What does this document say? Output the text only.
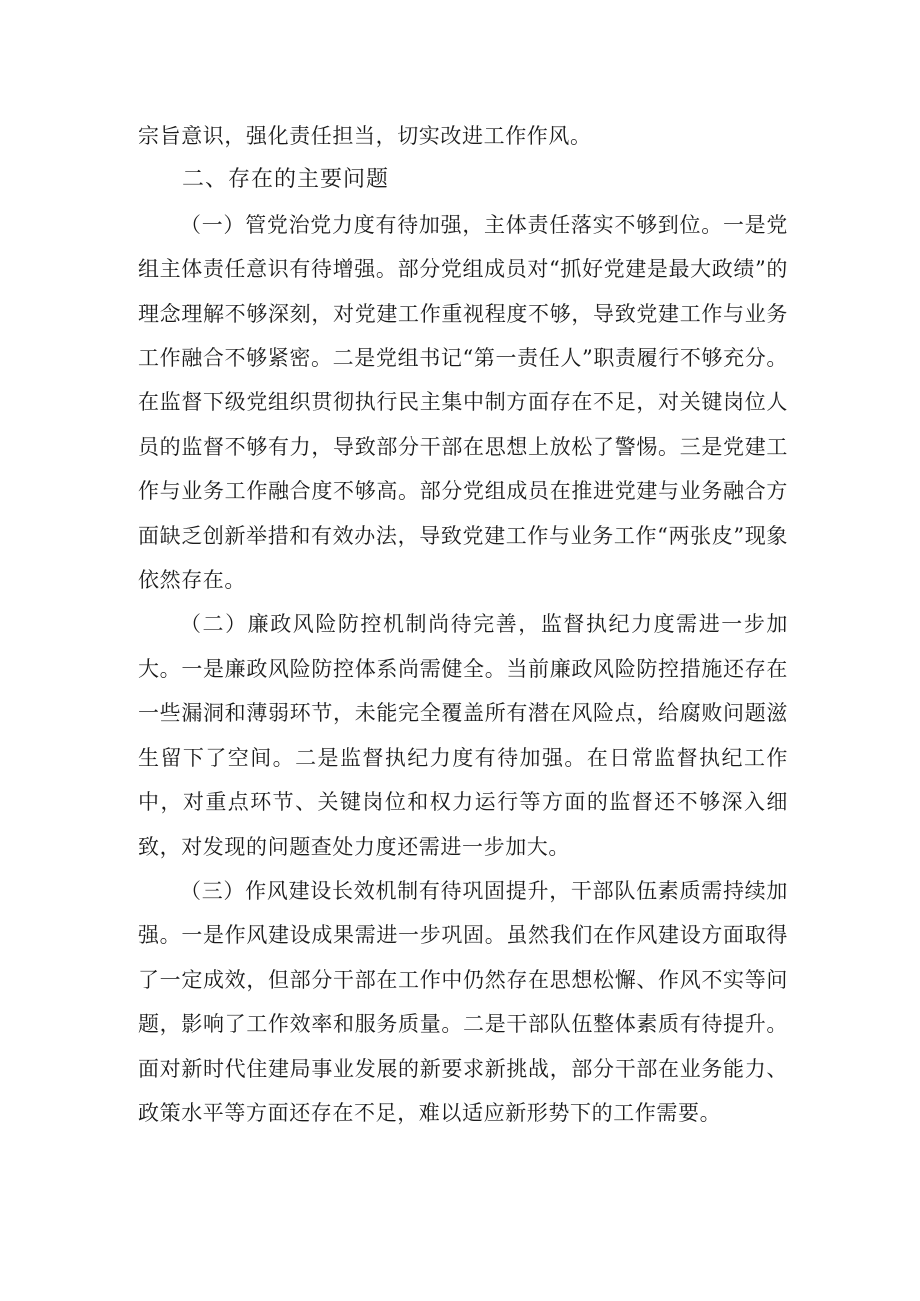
宗旨意识，强化责任担当，切实改进工作作风。

二、存在的主要问题

（一）管党治党力度有待加强，主体责任落实不够到位。一是党组主体责任意识有待增强。部分党组成员对“抓好党建是最大政绩”的理念理解不够深刻，对党建工作重视程度不够，导致党建工作与业务工作融合不够紧密。二是党组书记“第一责任人”职责履行不够充分。在监督下级党组织贯彻执行民主集中制方面存在不足，对关键岗位人员的监督不够有力，导致部分干部在思想上放松了警惕。三是党建工作与业务工作融合度不够高。部分党组成员在推进党建与业务融合方面缺乏创新举措和有效办法，导致党建工作与业务工作“两张皮”现象依然存在。

（二）廉政风险防控机制尚待完善，监督执纪力度需进一步加大。一是廉政风险防控体系尚需健全。当前廉政风险防控措施还存在一些漏洞和薄弱环节，未能完全覆盖所有潜在风险点，给腐败问题滋生留下了空间。二是监督执纪力度有待加强。在日常监督执纪工作中，对重点环节、关键岗位和权力运行等方面的监督还不够深入细致，对发现的问题查处力度还需进一步加大。

（三）作风建设长效机制有待巩固提升，干部队伍素质需持续加强。一是作风建设成果需进一步巩固。虽然我们在作风建设方面取得了一定成效，但部分干部在工作中仍然存在思想松懈、作风不实等问题，影响了工作效率和服务质量。二是干部队伍整体素质有待提升。面对新时代住建局事业发展的新要求新挑战，部分干部在业务能力、政策水平等方面还存在不足，难以适应新形势下的工作需要。
